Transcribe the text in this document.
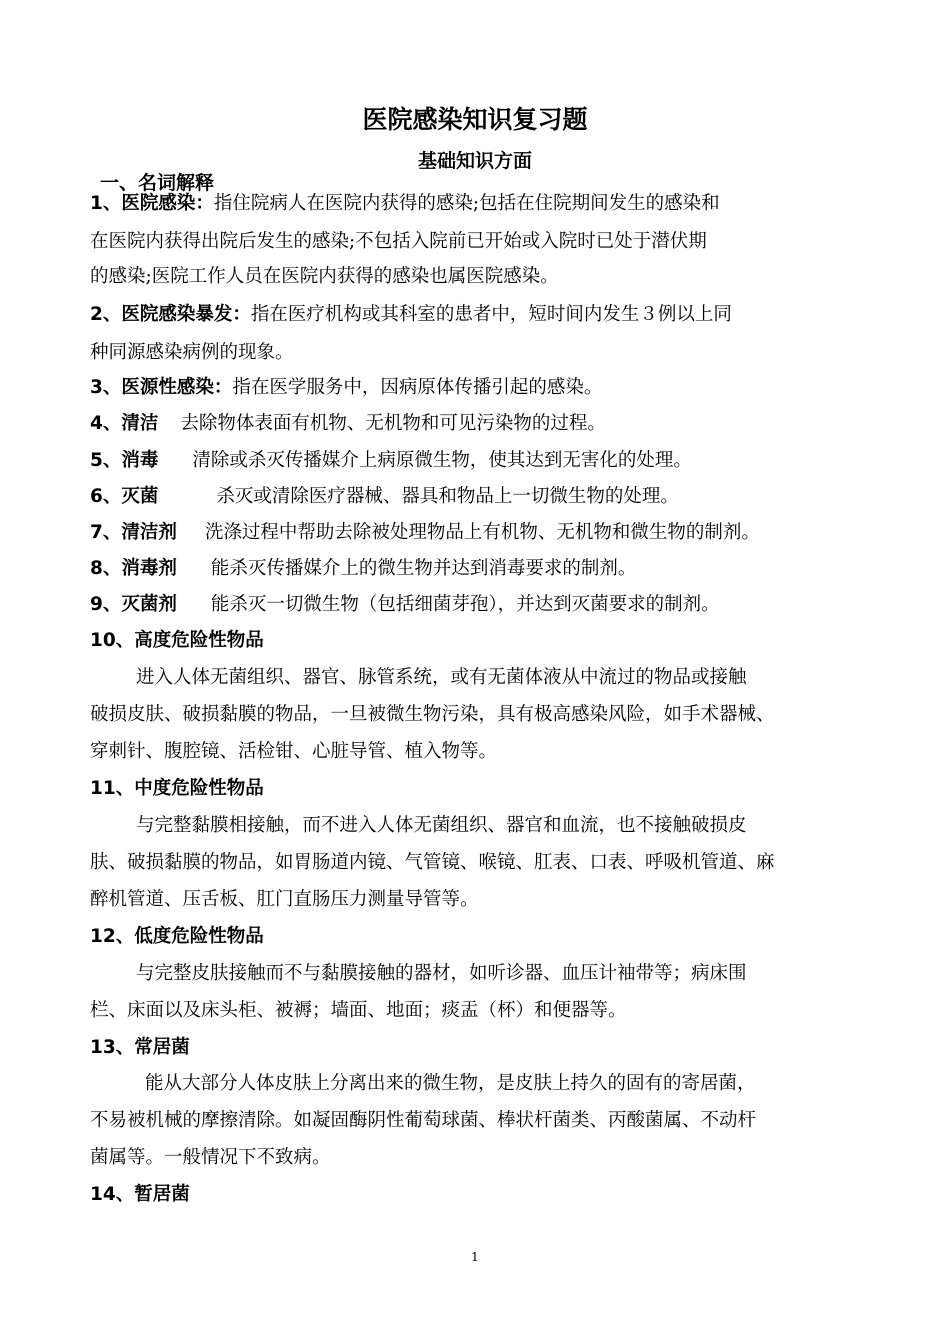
医院感染知识复习题
基础知识方面
一、名词解释
1、医院感染：指住院病人在医院内获得的感染;包括在住院期间发生的感染和
在医院内获得出院后发生的感染;不包括入院前已开始或入院时已处于潜伏期
的感染;医院工作人员在医院内获得的感染也属医院感染。
2、医院感染暴发：指在医疗机构或其科室的患者中，短时间内发生３例以上同
种同源感染病例的现象。
3、医源性感染：指在医学服务中，因病原体传播引起的感染。
4、清洁 去除物体表面有机物、无机物和可见污染物的过程。
5、消毒 清除或杀灭传播媒介上病原微生物，使其达到无害化的处理。
6、灭菌	杀灭或清除医疗器械、器具和物品上一切微生物的处理。
7、清洁剂 洗涤过程中帮助去除被处理物品上有机物、无机物和微生物的制剂。
8、消毒剂 能杀灭传播媒介上的微生物并达到消毒要求的制剂。
9、灭菌剂 能杀灭一切微生物（包括细菌芽孢），并达到灭菌要求的制剂。
10、高度危险性物品
进入人体无菌组织、器官、脉管系统，或有无菌体液从中流过的物品或接触
破损皮肤、破损黏膜的物品，一旦被微生物污染，具有极高感染风险，如手术器械、
穿刺针、腹腔镜、活检钳、心脏导管、植入物等。
11、中度危险性物品
与完整黏膜相接触，而不进入人体无菌组织、器官和血流，也不接触破损皮
肤、破损黏膜的物品，如胃肠道内镜、气管镜、喉镜、肛表、口表、呼吸机管道、麻
醉机管道、压舌板、肛门直肠压力测量导管等。
12、低度危险性物品
与完整皮肤接触而不与黏膜接触的器材，如听诊器、血压计袖带等；病床围
栏、床面以及床头柜、被褥；墙面、地面；痰盂（杯）和便器等。
13、常居菌
能从大部分人体皮肤上分离出来的微生物，是皮肤上持久的固有的寄居菌，
不易被机械的摩擦清除。如凝固酶阴性葡萄球菌、棒状杆菌类、丙酸菌属、不动杆
菌属等。一般情况下不致病。
14、暂居菌
1
